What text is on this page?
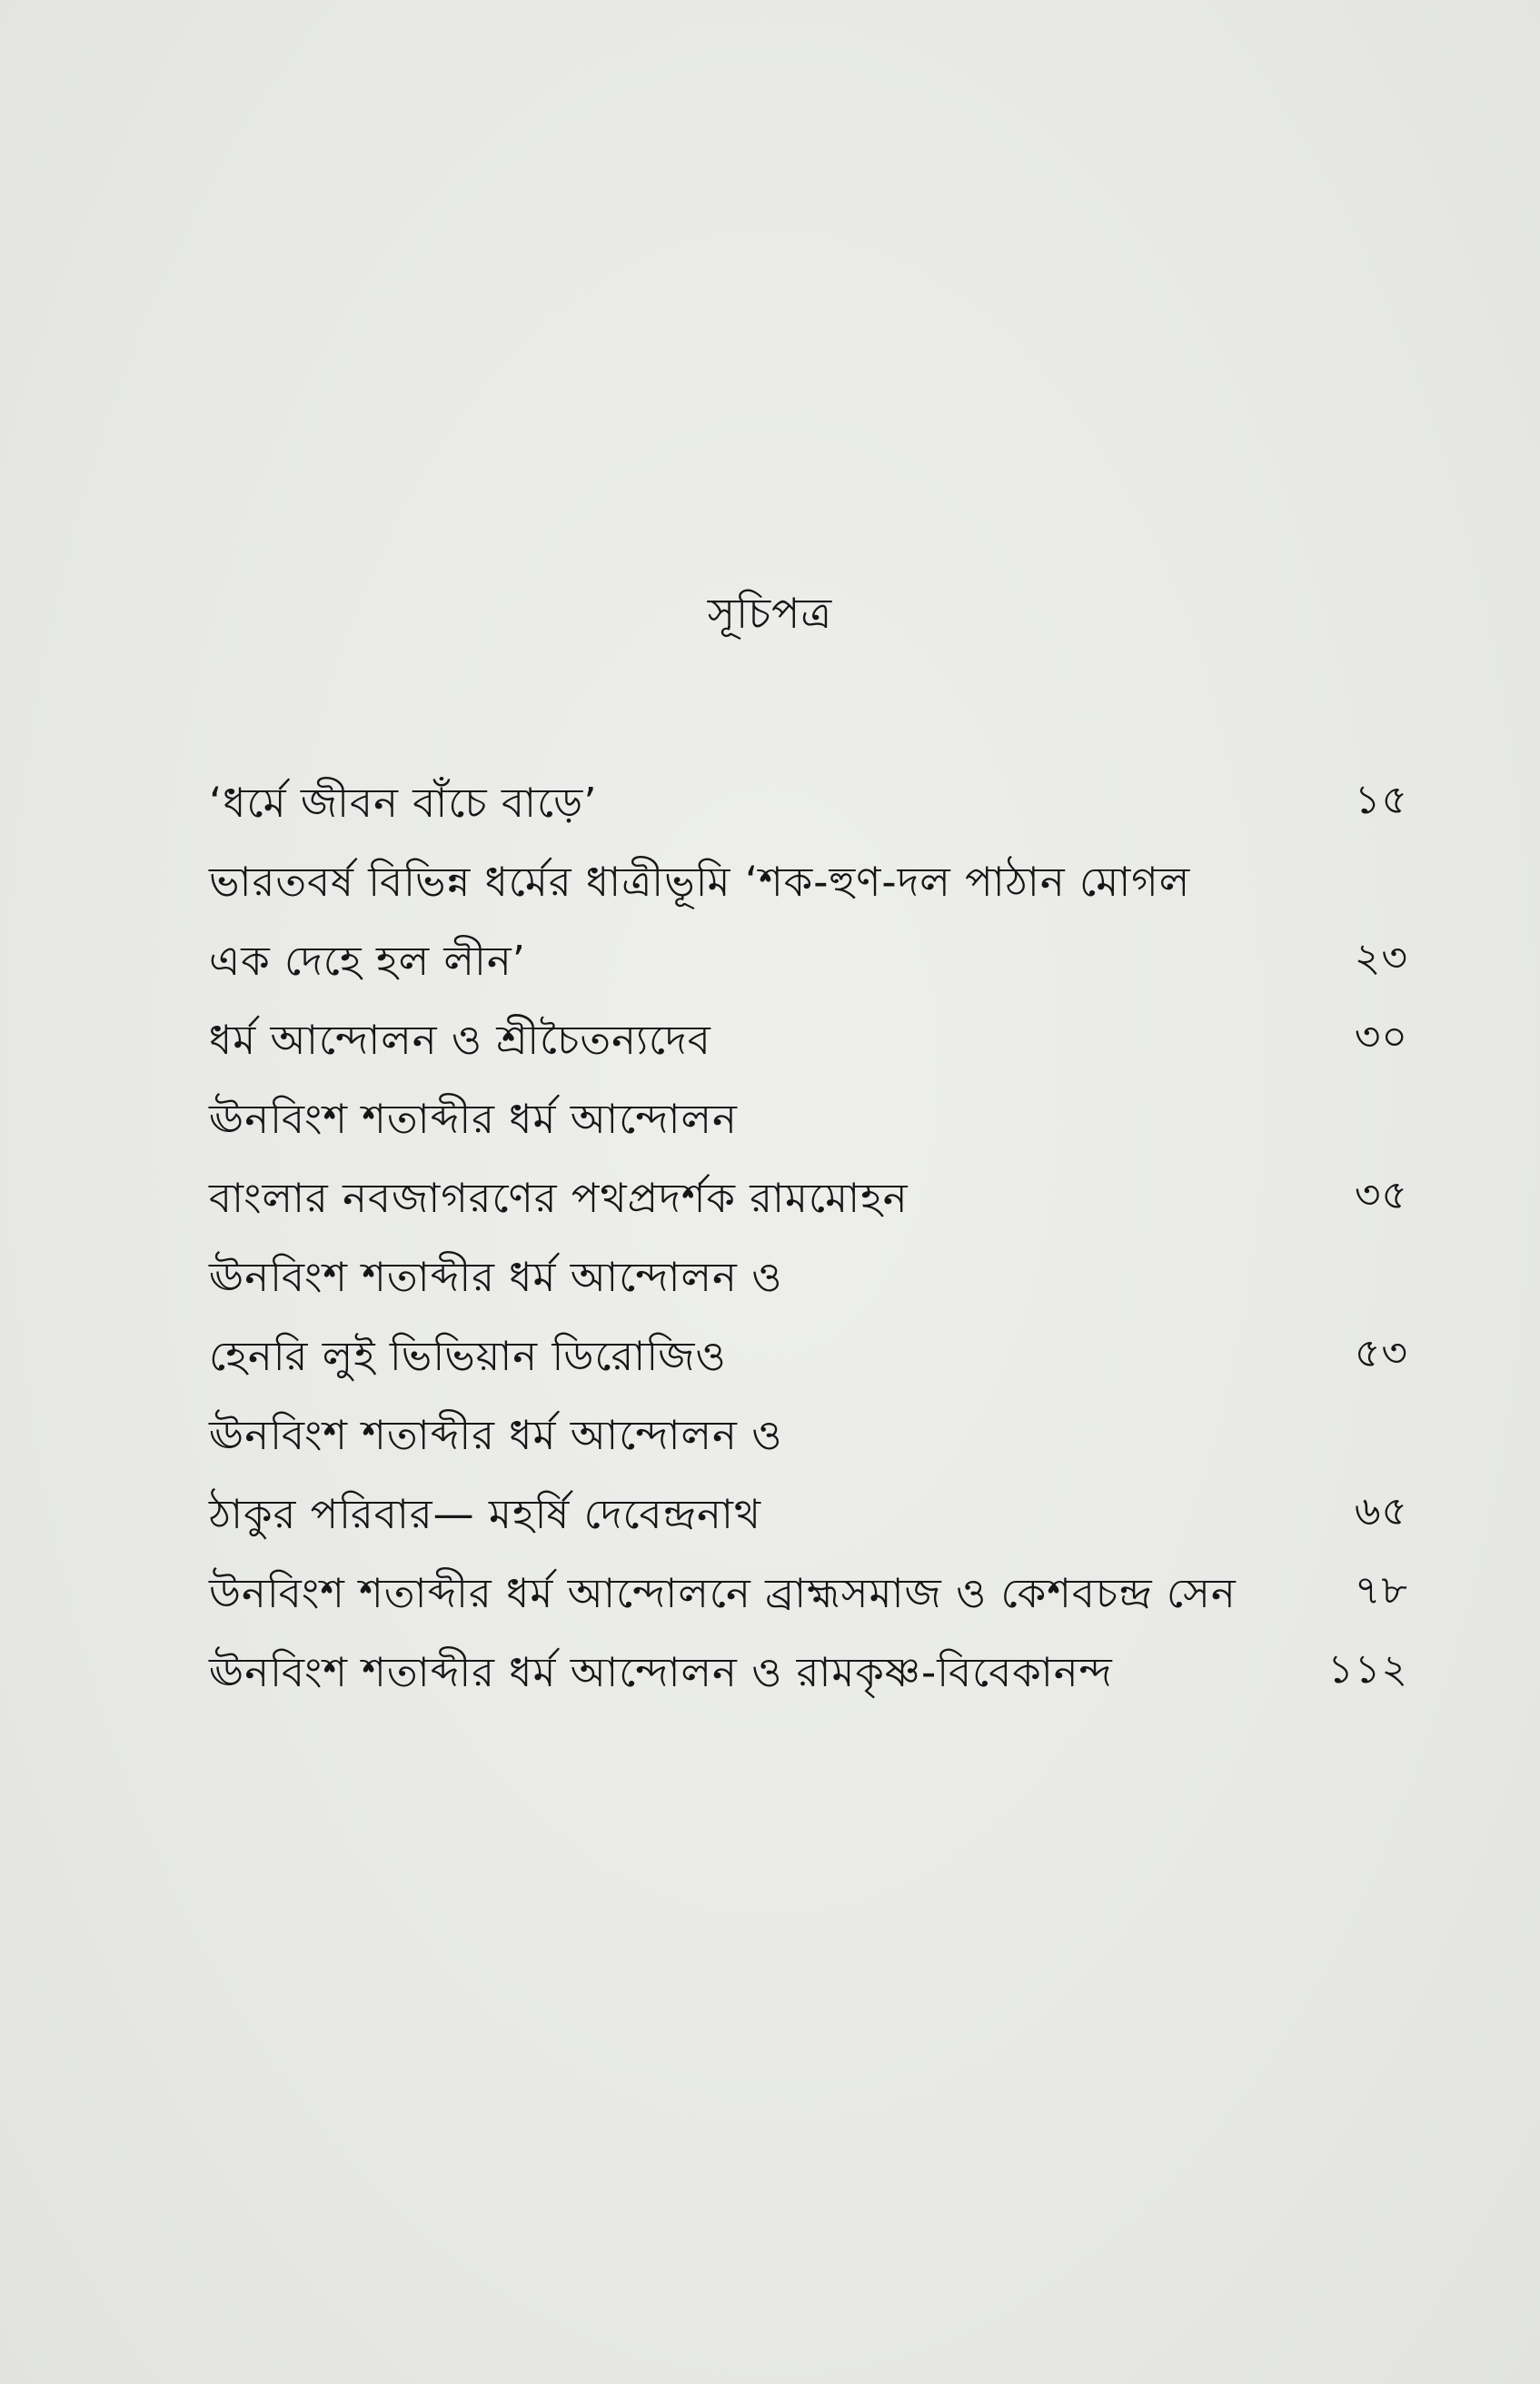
সূচিপত্র
‘ধর্মে জীবন বাঁচে বাড়ে’	১৫
ভারতবর্ষ বিভিন্ন ধর্মের ধাত্রীভূমি ‘শক-হুণ-দল পাঠান মোগল
এক দেহে হল লীন’	২৩
ধর্ম আন্দোলন ও শ্রীচৈতন্যদেব	৩০
ঊনবিংশ শতাব্দীর ধর্ম আন্দোলন
বাংলার নবজাগরণের পথপ্রদর্শক রামমোহন	৩৫
ঊনবিংশ শতাব্দীর ধর্ম আন্দোলন ও
হেনরি লুই ভিভিয়ান ডিরোজিও	৫৩
ঊনবিংশ শতাব্দীর ধর্ম আন্দোলন ও
ঠাকুর পরিবার— মহর্ষি দেবেন্দ্রনাথ	৬৫
উনবিংশ শতাব্দীর ধর্ম আন্দোলনে ব্রাহ্মসমাজ ও কেশবচন্দ্র সেন	৭৮
ঊনবিংশ শতাব্দীর ধর্ম আন্দোলন ও রামকৃষ্ণ-বিবেকানন্দ	১১২
